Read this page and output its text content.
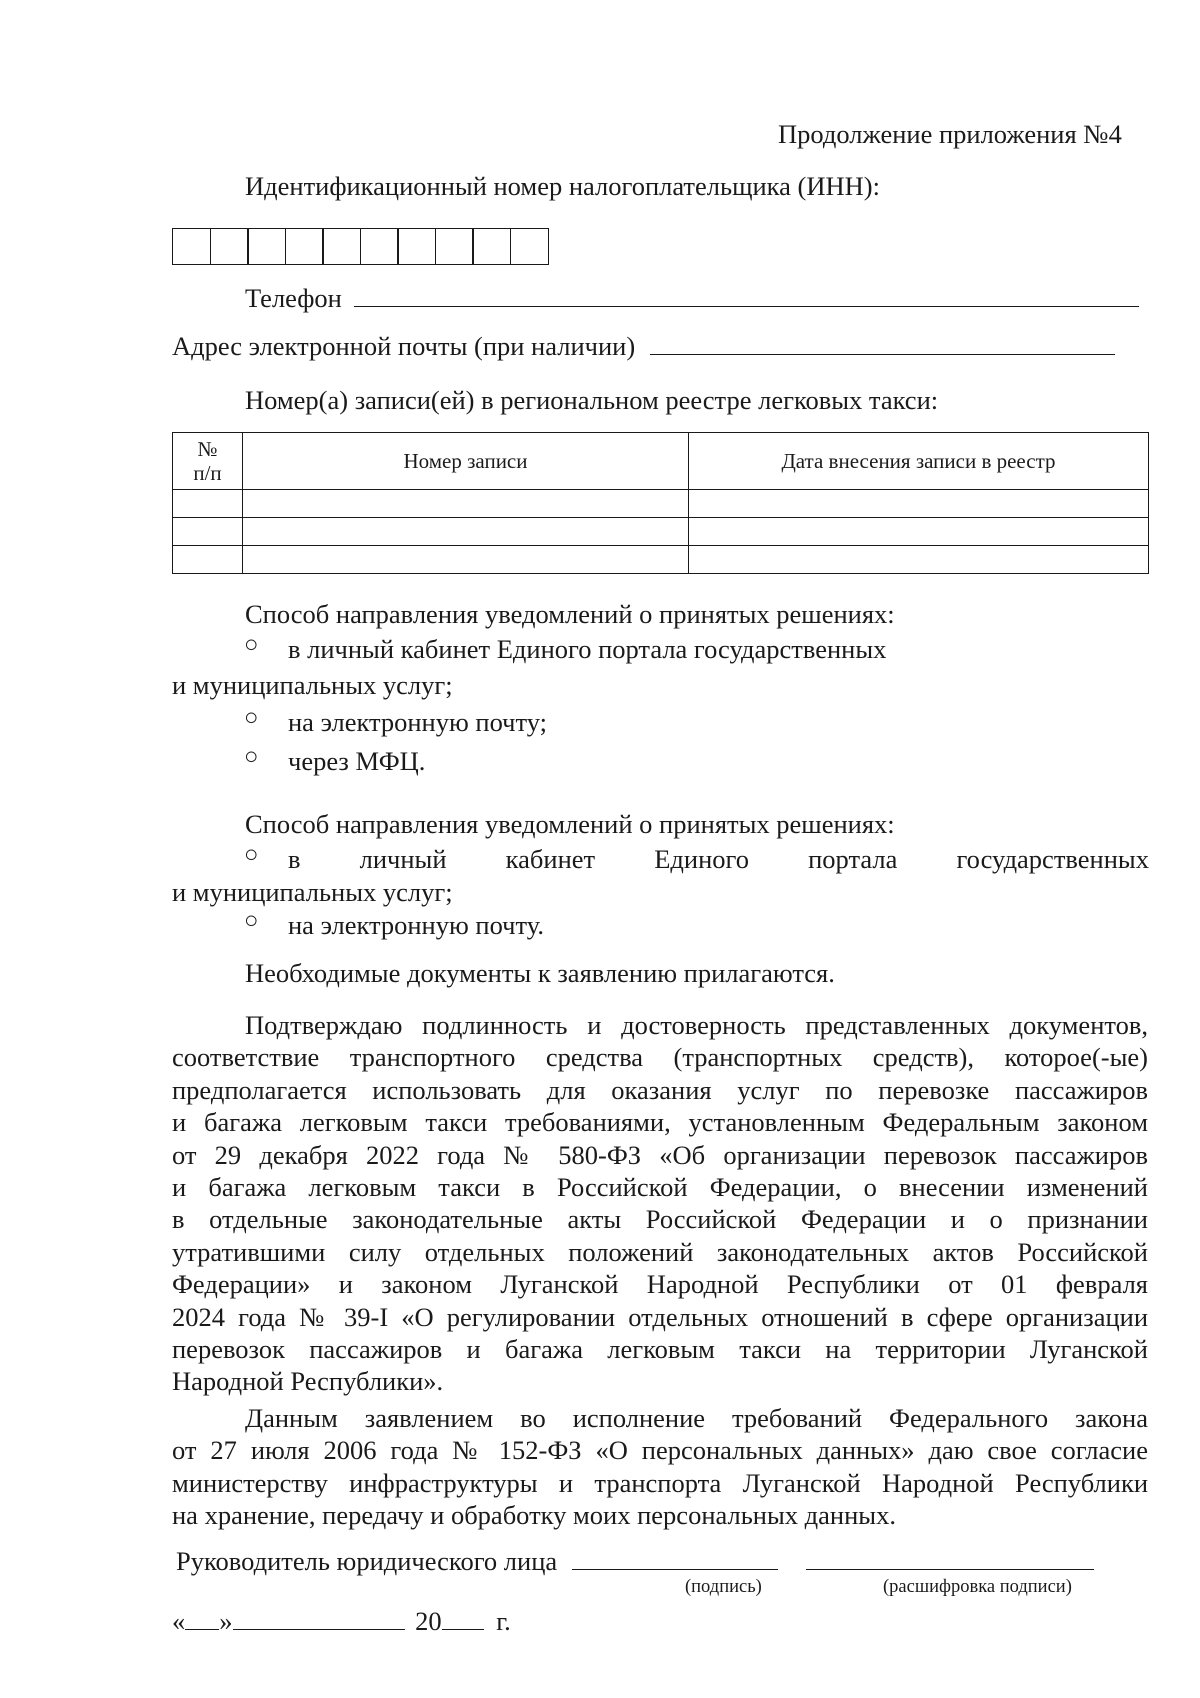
Продолжение приложения №4
Идентификационный номер налогоплательщика (ИНН):
Телефон
Адрес электронной почты (при наличии)
Номер(а) записи(ей) в региональном реестре легковых такси:
№
п/п	Номер записи	Дата внесения записи в реестр

Способ направления уведомлений о принятых решениях:
○ в личный кабинет Единого портала государственных
и муниципальных услуг;
○ на электронную почту;
○ через МФЦ.
Способ направления уведомлений о принятых решениях:
○ в личный кабинет Единого портала государственных
и муниципальных услуг;
○ на электронную почту.
Необходимые документы к заявлению прилагаются.
Подтверждаю подлинность и достоверность представленных документов,
соответствие транспортного средства (транспортных средств), которое(-ые)
предполагается использовать для оказания услуг по перевозке пассажиров
и багажа легковым такси требованиями, установленным Федеральным законом
от 29 декабря 2022 года № 580-ФЗ «Об организации перевозок пассажиров
и багажа легковым такси в Российской Федерации, о внесении изменений
в отдельные законодательные акты Российской Федерации и о признании
утратившими силу отдельных положений законодательных актов Российской
Федерации» и законом Луганской Народной Республики от 01 февраля
2024 года № 39-I «О регулировании отдельных отношений в сфере организации
перевозок пассажиров и багажа легковым такси на территории Луганской
Народной Республики».
Данным заявлением во исполнение требований Федерального закона
от 27 июля 2006 года № 152-ФЗ «О персональных данных» даю свое согласие
министерству инфраструктуры и транспорта Луганской Народной Республики
на хранение, передачу и обработку моих персональных данных.
Руководитель юридического лица
(подпись)	(расшифровка подписи)
« »	20 г.
